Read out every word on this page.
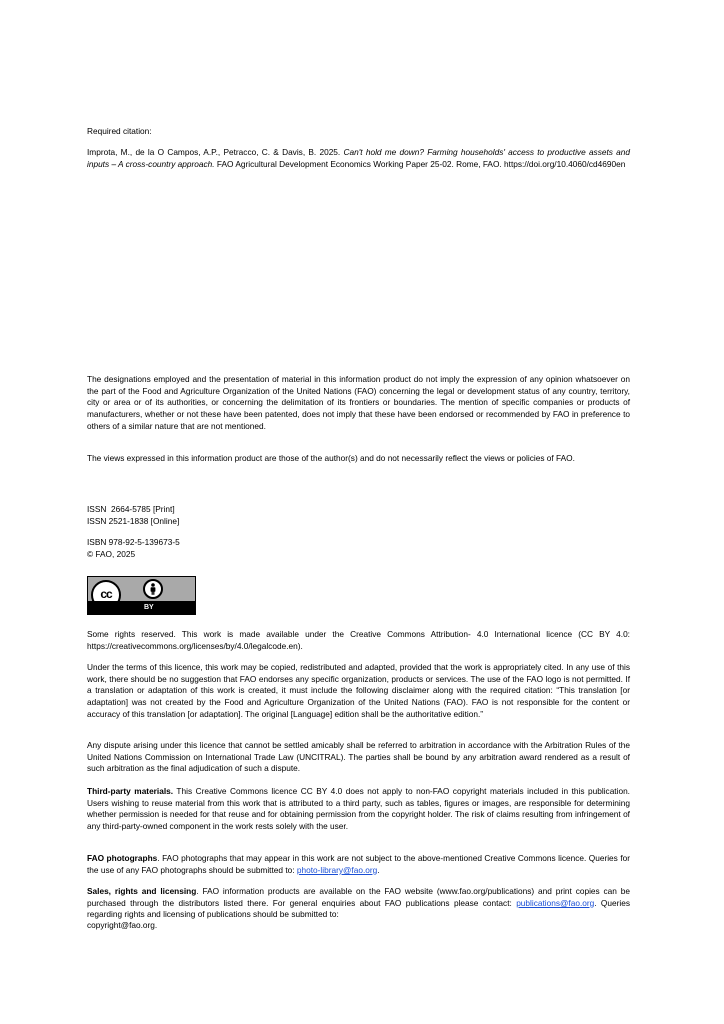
Required citation:

Improta, M., de la O Campos, A.P., Petracco, C. & Davis, B. 2025. Can't hold me down? Farming households' access to productive assets and inputs – A cross-country approach. FAO Agricultural Development Economics Working Paper 25-02. Rome, FAO. https://doi.org/10.4060/cd4690en

The designations employed and the presentation of material in this information product do not imply the expression of any opinion whatsoever on the part of the Food and Agriculture Organization of the United Nations (FAO) concerning the legal or development status of any country, territory, city or area or of its authorities, or concerning the delimitation of its frontiers or boundaries. The mention of specific companies or products of manufacturers, whether or not these have been patented, does not imply that these have been endorsed or recommended by FAO in preference to others of a similar nature that are not mentioned.

The views expressed in this information product are those of the author(s) and do not necessarily reflect the views or policies of FAO.

ISSN  2664-5785 [Print]

ISSN 2521-1838 [Online]

ISBN 978-92-5-139673-5

© FAO, 2025

cc
BY

Some rights reserved. This work is made available under the Creative Commons Attribution- 4.0 International licence (CC BY 4.0: https://creativecommons.org/licenses/by/4.0/legalcode.en).

Under the terms of this licence, this work may be copied, redistributed and adapted, provided that the work is appropriately cited. In any use of this work, there should be no suggestion that FAO endorses any specific organization, products or services. The use of the FAO logo is not permitted. If a translation or adaptation of this work is created, it must include the following disclaimer along with the required citation: “This translation [or adaptation] was not created by the Food and Agriculture Organization of the United Nations (FAO). FAO is not responsible for the content or accuracy of this translation [or adaptation]. The original [Language] edition shall be the authoritative edition.”

Any dispute arising under this licence that cannot be settled amicably shall be referred to arbitration in accordance with the Arbitration Rules of the United Nations Commission on International Trade Law (UNCITRAL). The parties shall be bound by any arbitration award rendered as a result of such arbitration as the final adjudication of such a dispute.

Third-party materials. This Creative Commons licence CC BY 4.0 does not apply to non-FAO copyright materials included in this publication. Users wishing to reuse material from this work that is attributed to a third party, such as tables, figures or images, are responsible for determining whether permission is needed for that reuse and for obtaining permission from the copyright holder. The risk of claims resulting from infringement of any third-party-owned component in the work rests solely with the user.

FAO photographs. FAO photographs that may appear in this work are not subject to the above-mentioned Creative Commons licence. Queries for the use of any FAO photographs should be submitted to: photo-library@fao.org.

Sales, rights and licensing. FAO information products are available on the FAO website (www.fao.org/publications) and print copies can be purchased through the distributors listed there. For general enquiries about FAO publications please contact: publications@fao.org. Queries regarding rights and licensing of publications should be submitted to:

copyright@fao.org.
